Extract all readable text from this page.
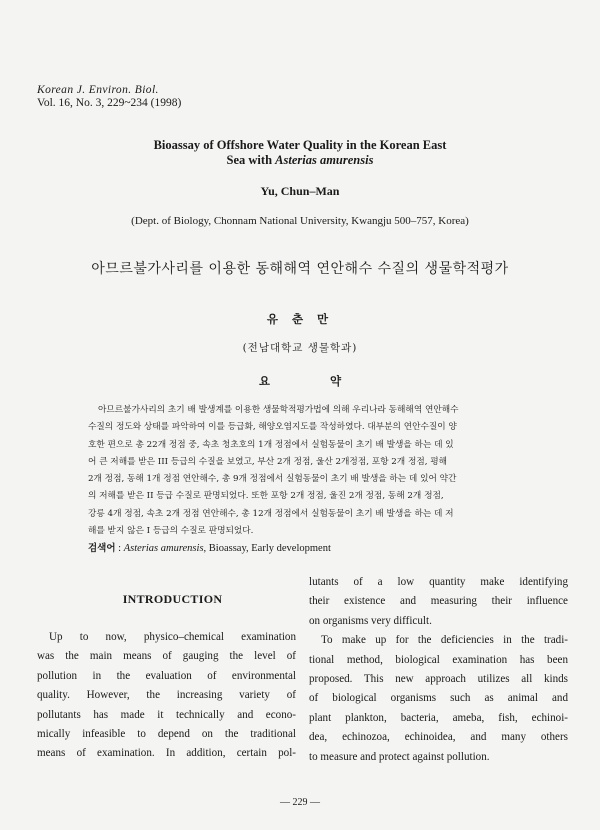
Korean J. Environ. Biol.
Vol. 16, No. 3, 229~234 (1998)
Bioassay of Offshore Water Quality in the Korean East
Sea with Asterias amurensis
Yu, Chun–Man
(Dept. of Biology, Chonnam National University, Kwangju 500–757, Korea)
아므르불가사리를 이용한 동해해역 연안해수 수질의 생물학적평가
유 춘 만
(전남대학교 생물학과)
요 약
아므르불가사리의 초기 배 발생계를 이용한 생물학적평가법에 의해 우리나라 동해해역 연안해수
수질의 정도와 상태를 파악하여 이를 등급화, 해양오염지도를 작성하였다. 대부분의 연안수질이 양
호한 편으로 총 22개 정점 중, 속초 청초호의 1개 정점에서 실험동물이 초기 배 발생을 하는 데 있
어 큰 저해를 받은 III 등급의 수질을 보였고, 부산 2개 정점, 울산 2개정점, 포항 2개 정점, 평해
2개 정점, 동해 1개 정점 연안해수, 총 9개 정점에서 실험동물이 초기 배 발생을 하는 데 있어 약간
의 저해를 받은 II 등급 수질로 판명되었다. 또한 포항 2개 정점, 울진 2개 정점, 동해 2개 정점,
강릉 4개 정점, 속초 2개 정점 연안해수, 총 12개 정점에서 실험동물이 초기 배 발생을 하는 데 저
해를 받지 않은 I 등급의 수질로 판명되었다.
검색어 : Asterias amurensis, Bioassay, Early development
INTRODUCTION
Up to now, physico–chemical examination
was the main means of gauging the level of
pollution in the evaluation of environmental
quality. However, the increasing variety of
pollutants has made it technically and econo-
mically infeasible to depend on the traditional
means of examination. In addition, certain pol-
lutants of a low quantity make identifying
their existence and measuring their influence
on organisms very difficult.
To make up for the deficiencies in the tradi-
tional method, biological examination has been
proposed. This new approach utilizes all kinds
of biological organisms such as animal and
plant plankton, bacteria, ameba, fish, echinoi-
dea, echinozoa, echinoidea, and many others
to measure and protect against pollution.
— 229 —
